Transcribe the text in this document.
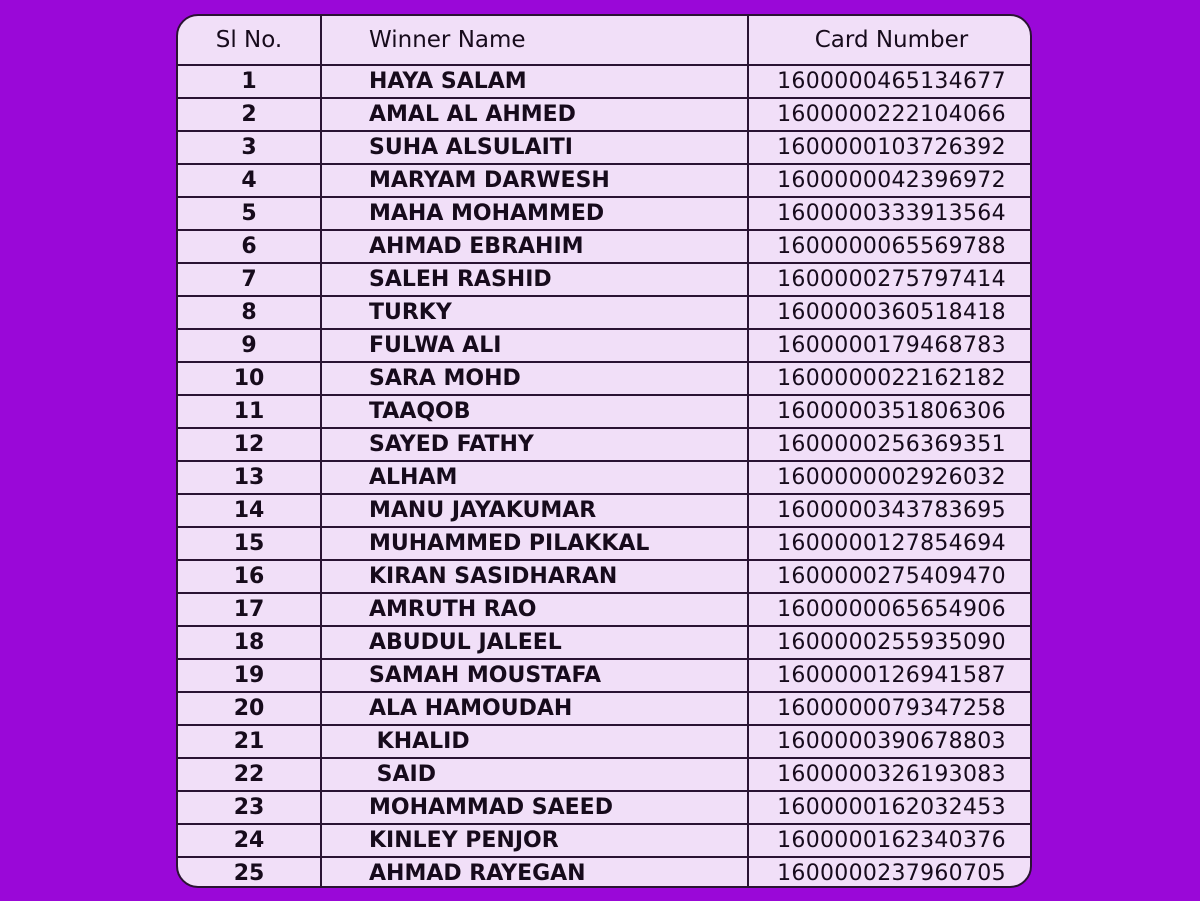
Sl No.	Winner Name	Card Number
1	HAYA SALAM	1600000465134677
2	AMAL AL AHMED	1600000222104066
3	SUHA ALSULAITI	1600000103726392
4	MARYAM DARWESH	1600000042396972
5	MAHA MOHAMMED	1600000333913564
6	AHMAD EBRAHIM	1600000065569788
7	SALEH RASHID	1600000275797414
8	TURKY	1600000360518418
9	FULWA ALI	1600000179468783
10	SARA MOHD	1600000022162182
11	TAAQOB	1600000351806306
12	SAYED FATHY	1600000256369351
13	ALHAM	1600000002926032
14	MANU JAYAKUMAR	1600000343783695
15	MUHAMMED PILAKKAL	1600000127854694
16	KIRAN SASIDHARAN	1600000275409470
17	AMRUTH RAO	1600000065654906
18	ABUDUL JALEEL	1600000255935090
19	SAMAH MOUSTAFA	1600000126941587
20	ALA HAMOUDAH	1600000079347258
21	KHALID	1600000390678803
22	SAID	1600000326193083
23	MOHAMMAD SAEED	1600000162032453
24	KINLEY PENJOR	1600000162340376
25	AHMAD RAYEGAN	1600000237960705
